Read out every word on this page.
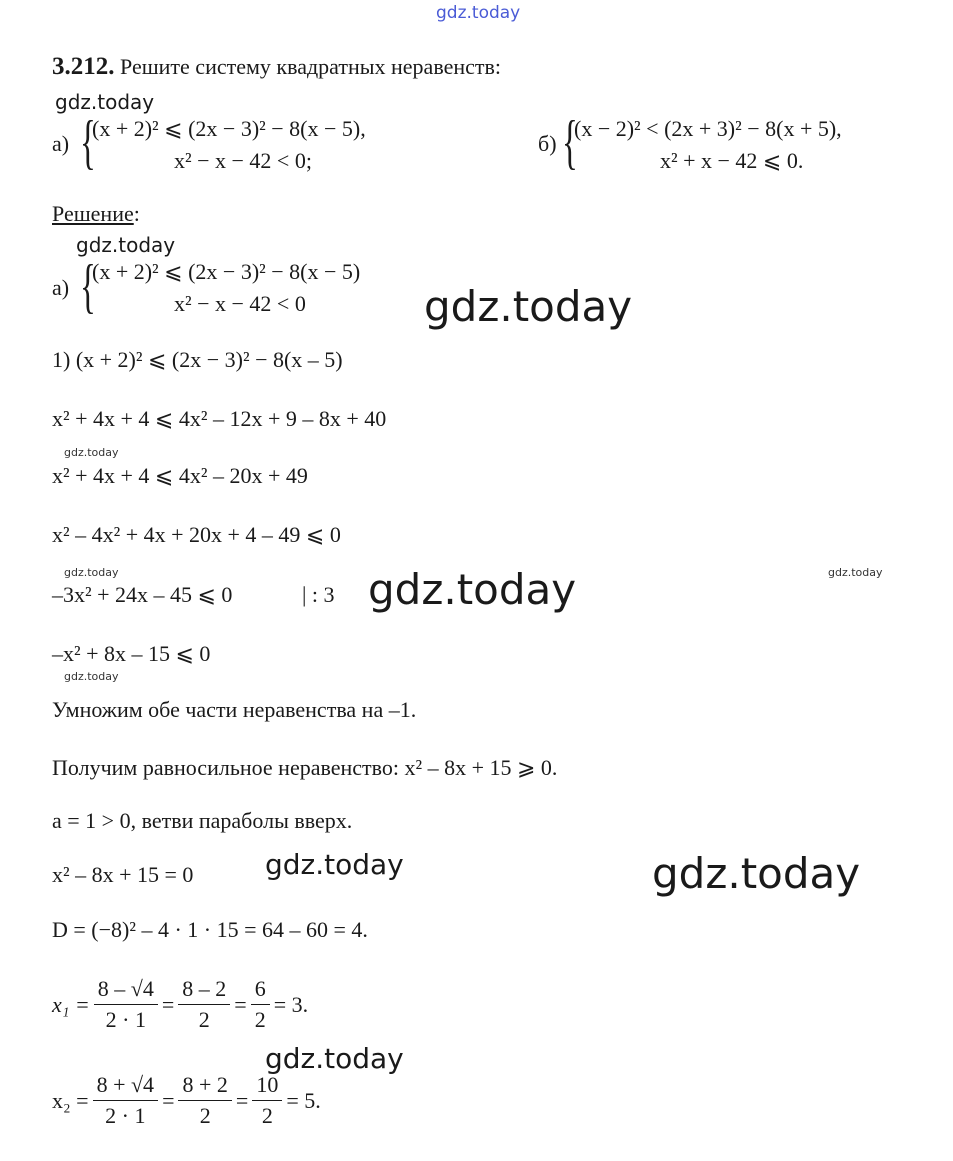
gdz.today
3.212. Решите систему квадратных неравенств:
gdz.today
а) {
(x + 2)² ⩽ (2x − 3)² − 8(x − 5),
x² − x − 42 < 0;
б) {
(x − 2)² < (2x + 3)² − 8(x + 5),
x² + x − 42 ⩽ 0.
Решение:
gdz.today
а) {
(x + 2)² ⩽ (2x − 3)² − 8(x − 5)
x² − x − 42 < 0	gdz.today
1) (x + 2)² ⩽ (2x − 3)² − 8(x – 5)
x² + 4x + 4 ⩽ 4x² – 12x + 9 – 8x + 40
gdz.today
x² + 4x + 4 ⩽ 4x² – 20x + 49
x² – 4x² + 4x + 20x + 4 – 49 ⩽ 0
gdz.today
–3x² + 24x – 45 ⩽ 0	| : 3 gdz.today	gdz.today
–x² + 8x – 15 ⩽ 0
gdz.today
Умножим обе части неравенства на –1.
Получим равносильное неравенство: x² – 8x + 15 ⩾ 0.
a = 1 > 0, ветви параболы вверх.
x² – 8x + 15 = 0	gdz.today	gdz.today
D = (−8)² – 4 · 1 · 15 = 64 – 60 = 4.
$x_1 = \frac{8 - √4}{2 \cdot 1} = \frac{8 - 2}{2} = \frac{6}{2} = 3$.
gdz.today
$x_2 = \frac{8 + √4}{2 \cdot 1} = \frac{8 + 2}{2} = \frac{10}{2} = 5$.
